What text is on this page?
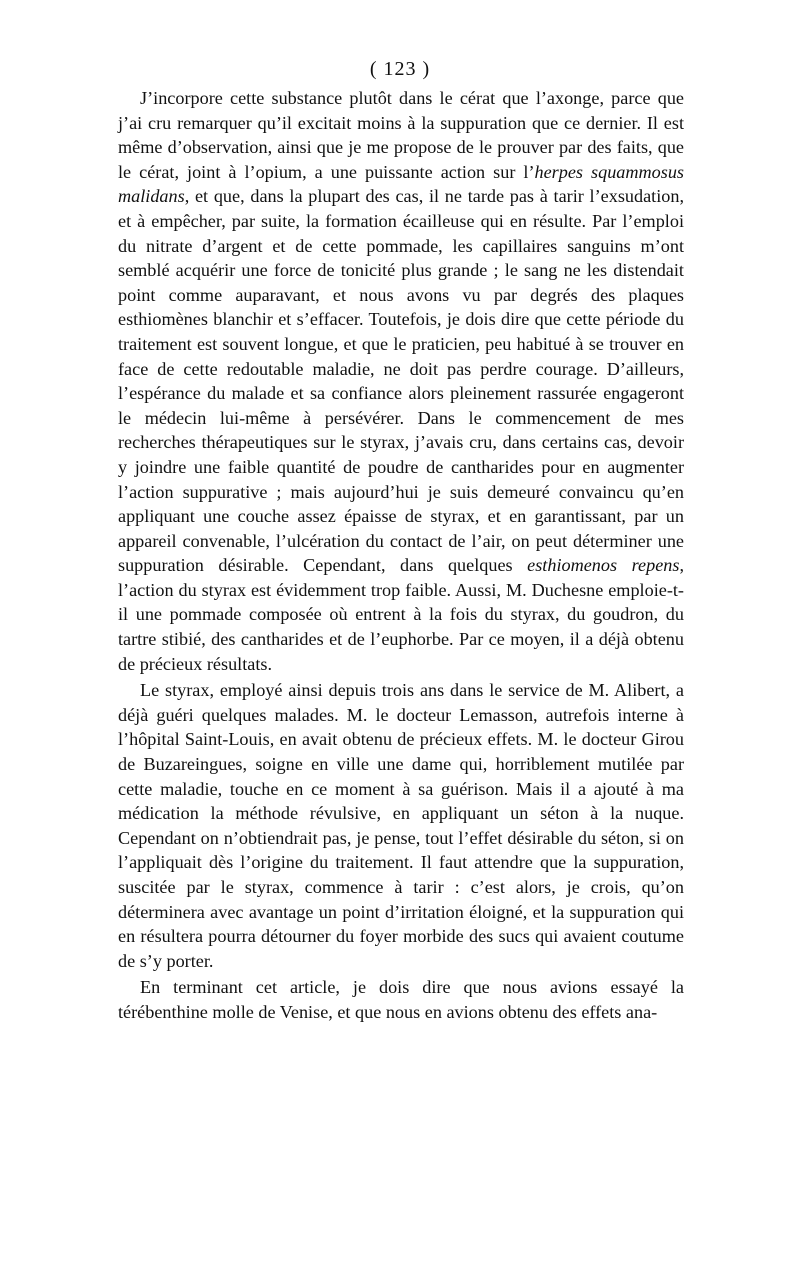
( 123 )

J’incorpore cette substance plutôt dans le cérat que l’axonge, parce que j’ai cru remarquer qu’il excitait moins à la suppuration que ce dernier. Il est même d’observation, ainsi que je me propose de le prouver par des faits, que le cérat, joint à l’opium, a une puissante action sur l’herpes squammosus malidans, et que, dans la plupart des cas, il ne tarde pas à tarir l’exsudation, et à empêcher, par suite, la formation écailleuse qui en résulte. Par l’emploi du nitrate d’argent et de cette pommade, les capillaires sanguins m’ont semblé acquérir une force de tonicité plus grande ; le sang ne les distendait point comme auparavant, et nous avons vu par degrés des plaques esthiomènes blanchir et s’effacer. Toutefois, je dois dire que cette période du traitement est souvent longue, et que le praticien, peu habitué à se trouver en face de cette redoutable maladie, ne doit pas perdre courage. D’ailleurs, l’espérance du malade et sa confiance alors pleinement rassurée engageront le médecin lui-même à persévérer. Dans le commencement de mes recherches thérapeutiques sur le styrax, j’avais cru, dans certains cas, devoir y joindre une faible quantité de poudre de cantharides pour en augmenter l’action suppurative ; mais aujourd’hui je suis demeuré convaincu qu’en appliquant une couche assez épaisse de styrax, et en garantissant, par un appareil convenable, l’ulcération du contact de l’air, on peut déterminer une suppuration désirable. Cependant, dans quelques esthiomenos repens, l’action du styrax est évidemment trop faible. Aussi, M. Duchesne emploie-t-il une pommade composée où entrent à la fois du styrax, du goudron, du tartre stibié, des cantharides et de l’euphorbe. Par ce moyen, il a déjà obtenu de précieux résultats.

Le styrax, employé ainsi depuis trois ans dans le service de M. Alibert, a déjà guéri quelques malades. M. le docteur Lemasson, autrefois interne à l’hôpital Saint-Louis, en avait obtenu de précieux effets. M. le docteur Girou de Buzareingues, soigne en ville une dame qui, horriblement mutilée par cette maladie, touche en ce moment à sa guérison. Mais il a ajouté à ma médication la méthode révulsive, en appliquant un séton à la nuque. Cependant on n’obtiendrait pas, je pense, tout l’effet désirable du séton, si on l’appliquait dès l’origine du traitement. Il faut attendre que la suppuration, suscitée par le styrax, commence à tarir : c’est alors, je crois, qu’on déterminera avec avantage un point d’irritation éloigné, et la suppuration qui en résultera pourra détourner du foyer morbide des sucs qui avaient coutume de s’y porter.

En terminant cet article, je dois dire que nous avions essayé la térébenthine molle de Venise, et que nous en avions obtenu des effets ana-
